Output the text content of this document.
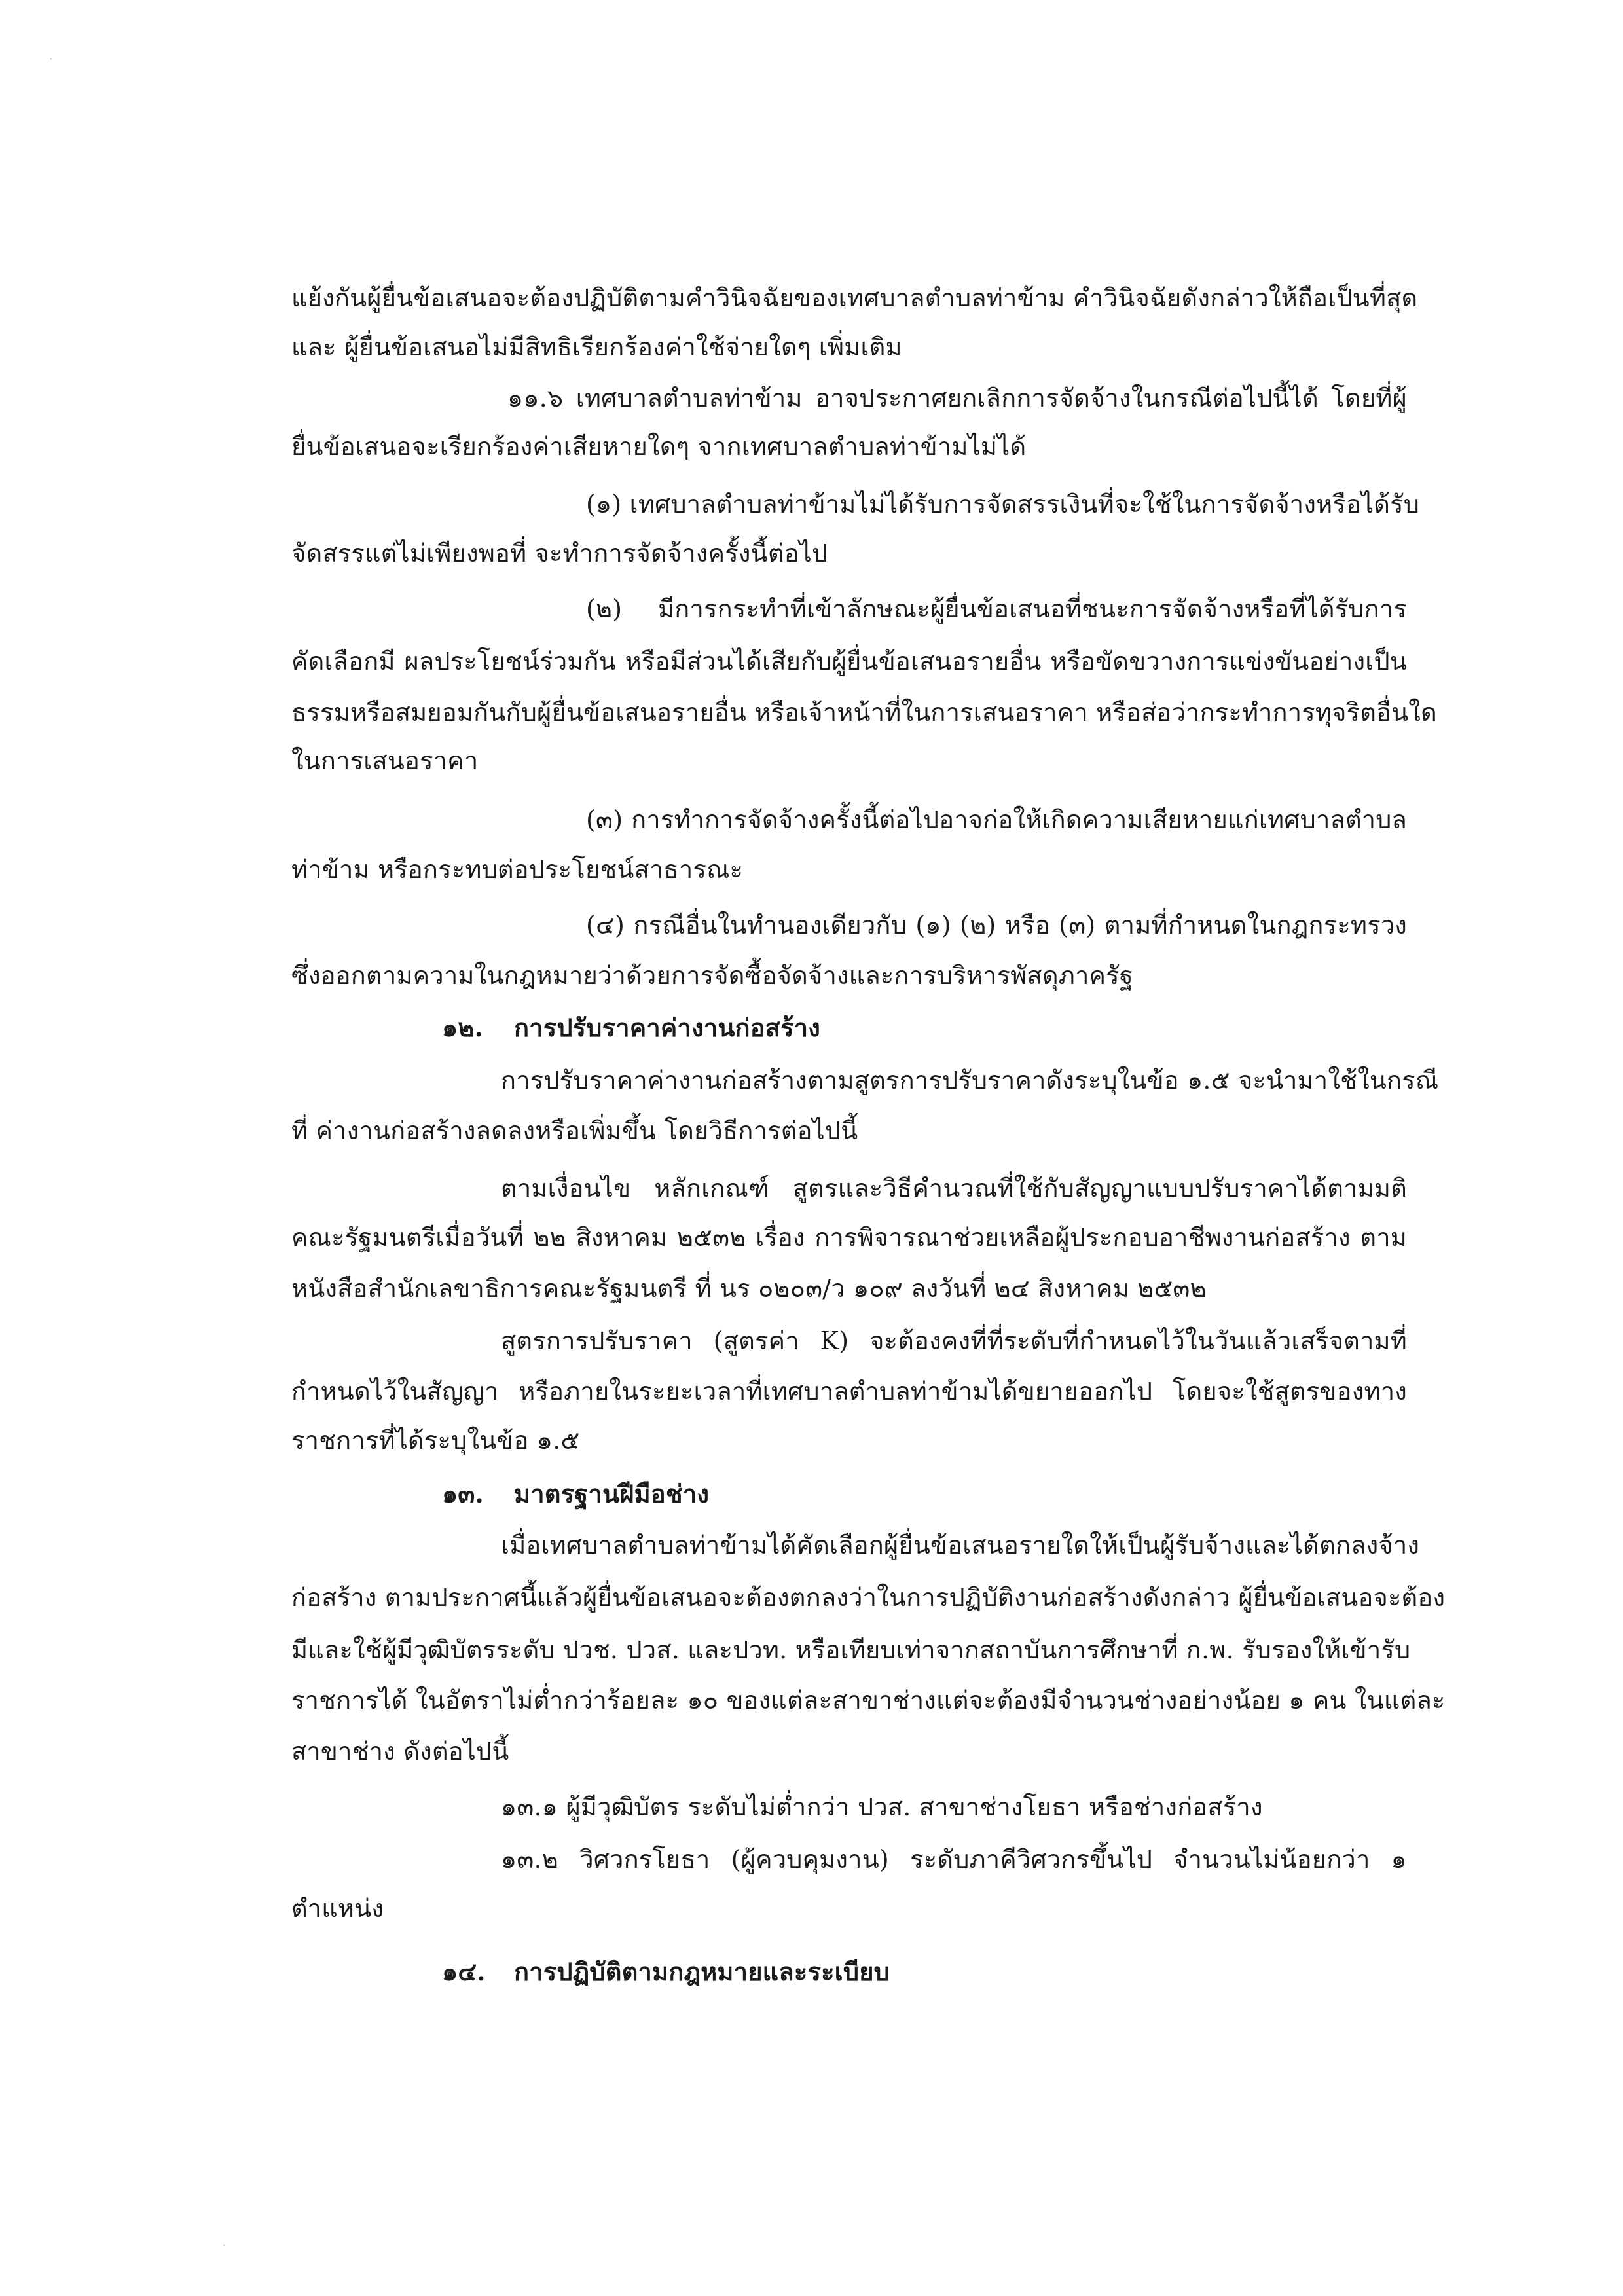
·
·
แย้งกันผู้ยื่นข้อเสนอจะต้องปฏิบัติตามคำวินิจฉัยของเทศบาลตำบลท่าข้าม คำวินิจฉัยดังกล่าวให้ถือเป็นที่สุด
และ ผู้ยื่นข้อเสนอไม่มีสิทธิเรียกร้องค่าใช้จ่ายใดๆ เพิ่มเติม
๑๑.๖ เทศบาลตำบลท่าข้าม อาจประกาศยกเลิกการจัดจ้างในกรณีต่อไปนี้ได้ โดยที่ผู้
ยื่นข้อเสนอจะเรียกร้องค่าเสียหายใดๆ จากเทศบาลตำบลท่าข้ามไม่ได้
(๑) เทศบาลตำบลท่าข้ามไม่ได้รับการจัดสรรเงินที่จะใช้ในการจัดจ้างหรือได้รับ
จัดสรรแต่ไม่เพียงพอที่ จะทำการจัดจ้างครั้งนี้ต่อไป
(๒) มีการกระทำที่เข้าลักษณะผู้ยื่นข้อเสนอที่ชนะการจัดจ้างหรือที่ได้รับการ
คัดเลือกมี ผลประโยชน์ร่วมกัน หรือมีส่วนได้เสียกับผู้ยื่นข้อเสนอรายอื่น หรือขัดขวางการแข่งขันอย่างเป็น
ธรรมหรือสมยอมกันกับผู้ยื่นข้อเสนอรายอื่น หรือเจ้าหน้าที่ในการเสนอราคา หรือส่อว่ากระทำการทุจริตอื่นใด
ในการเสนอราคา
(๓) การทำการจัดจ้างครั้งนี้ต่อไปอาจก่อให้เกิดความเสียหายแก่เทศบาลตำบล
ท่าข้าม หรือกระทบต่อประโยชน์สาธารณะ
(๔) กรณีอื่นในทำนองเดียวกับ (๑) (๒) หรือ (๓) ตามที่กำหนดในกฎกระทรวง
ซึ่งออกตามความในกฎหมายว่าด้วยการจัดซื้อจัดจ้างและการบริหารพัสดุภาครัฐ
๑๒. การปรับราคาค่างานก่อสร้าง
การปรับราคาค่างานก่อสร้างตามสูตรการปรับราคาดังระบุในข้อ ๑.๕ จะนำมาใช้ในกรณี
ที่ ค่างานก่อสร้างลดลงหรือเพิ่มขึ้น โดยวิธีการต่อไปนี้
ตามเงื่อนไข หลักเกณฑ์ สูตรและวิธีคำนวณที่ใช้กับสัญญาแบบปรับราคาได้ตามมติ
คณะรัฐมนตรีเมื่อวันที่ ๒๒ สิงหาคม ๒๕๓๒ เรื่อง การพิจารณาช่วยเหลือผู้ประกอบอาชีพงานก่อสร้าง ตาม
หนังสือสำนักเลขาธิการคณะรัฐมนตรี ที่ นร ๐๒๐๓/ว ๑๐๙ ลงวันที่ ๒๔ สิงหาคม ๒๕๓๒
สูตรการปรับราคา (สูตรค่า K) จะต้องคงที่ที่ระดับที่กำหนดไว้ในวันแล้วเสร็จตามที่
กำหนดไว้ในสัญญา หรือภายในระยะเวลาที่เทศบาลตำบลท่าข้ามได้ขยายออกไป โดยจะใช้สูตรของทาง
ราชการที่ได้ระบุในข้อ ๑.๕
๑๓. มาตรฐานฝีมือช่าง
เมื่อเทศบาลตำบลท่าข้ามได้คัดเลือกผู้ยื่นข้อเสนอรายใดให้เป็นผู้รับจ้างและได้ตกลงจ้าง
ก่อสร้าง ตามประกาศนี้แล้วผู้ยื่นข้อเสนอจะต้องตกลงว่าในการปฏิบัติงานก่อสร้างดังกล่าว ผู้ยื่นข้อเสนอจะต้อง
มีและใช้ผู้มีวุฒิบัตรระดับ ปวช. ปวส. และปวท. หรือเทียบเท่าจากสถาบันการศึกษาที่ ก.พ. รับรองให้เข้ารับ
ราชการได้ ในอัตราไม่ต่ำกว่าร้อยละ ๑๐ ของแต่ละสาขาช่างแต่จะต้องมีจำนวนช่างอย่างน้อย ๑ คน ในแต่ละ
สาขาช่าง ดังต่อไปนี้
๑๓.๑ ผู้มีวุฒิบัตร ระดับไม่ต่ำกว่า ปวส. สาขาช่างโยธา หรือช่างก่อสร้าง
๑๓.๒ วิศวกรโยธา (ผู้ควบคุมงาน) ระดับภาคีวิศวกรขึ้นไป จำนวนไม่น้อยกว่า ๑
ตำแหน่ง
๑๔. การปฏิบัติตามกฎหมายและระเบียบ
